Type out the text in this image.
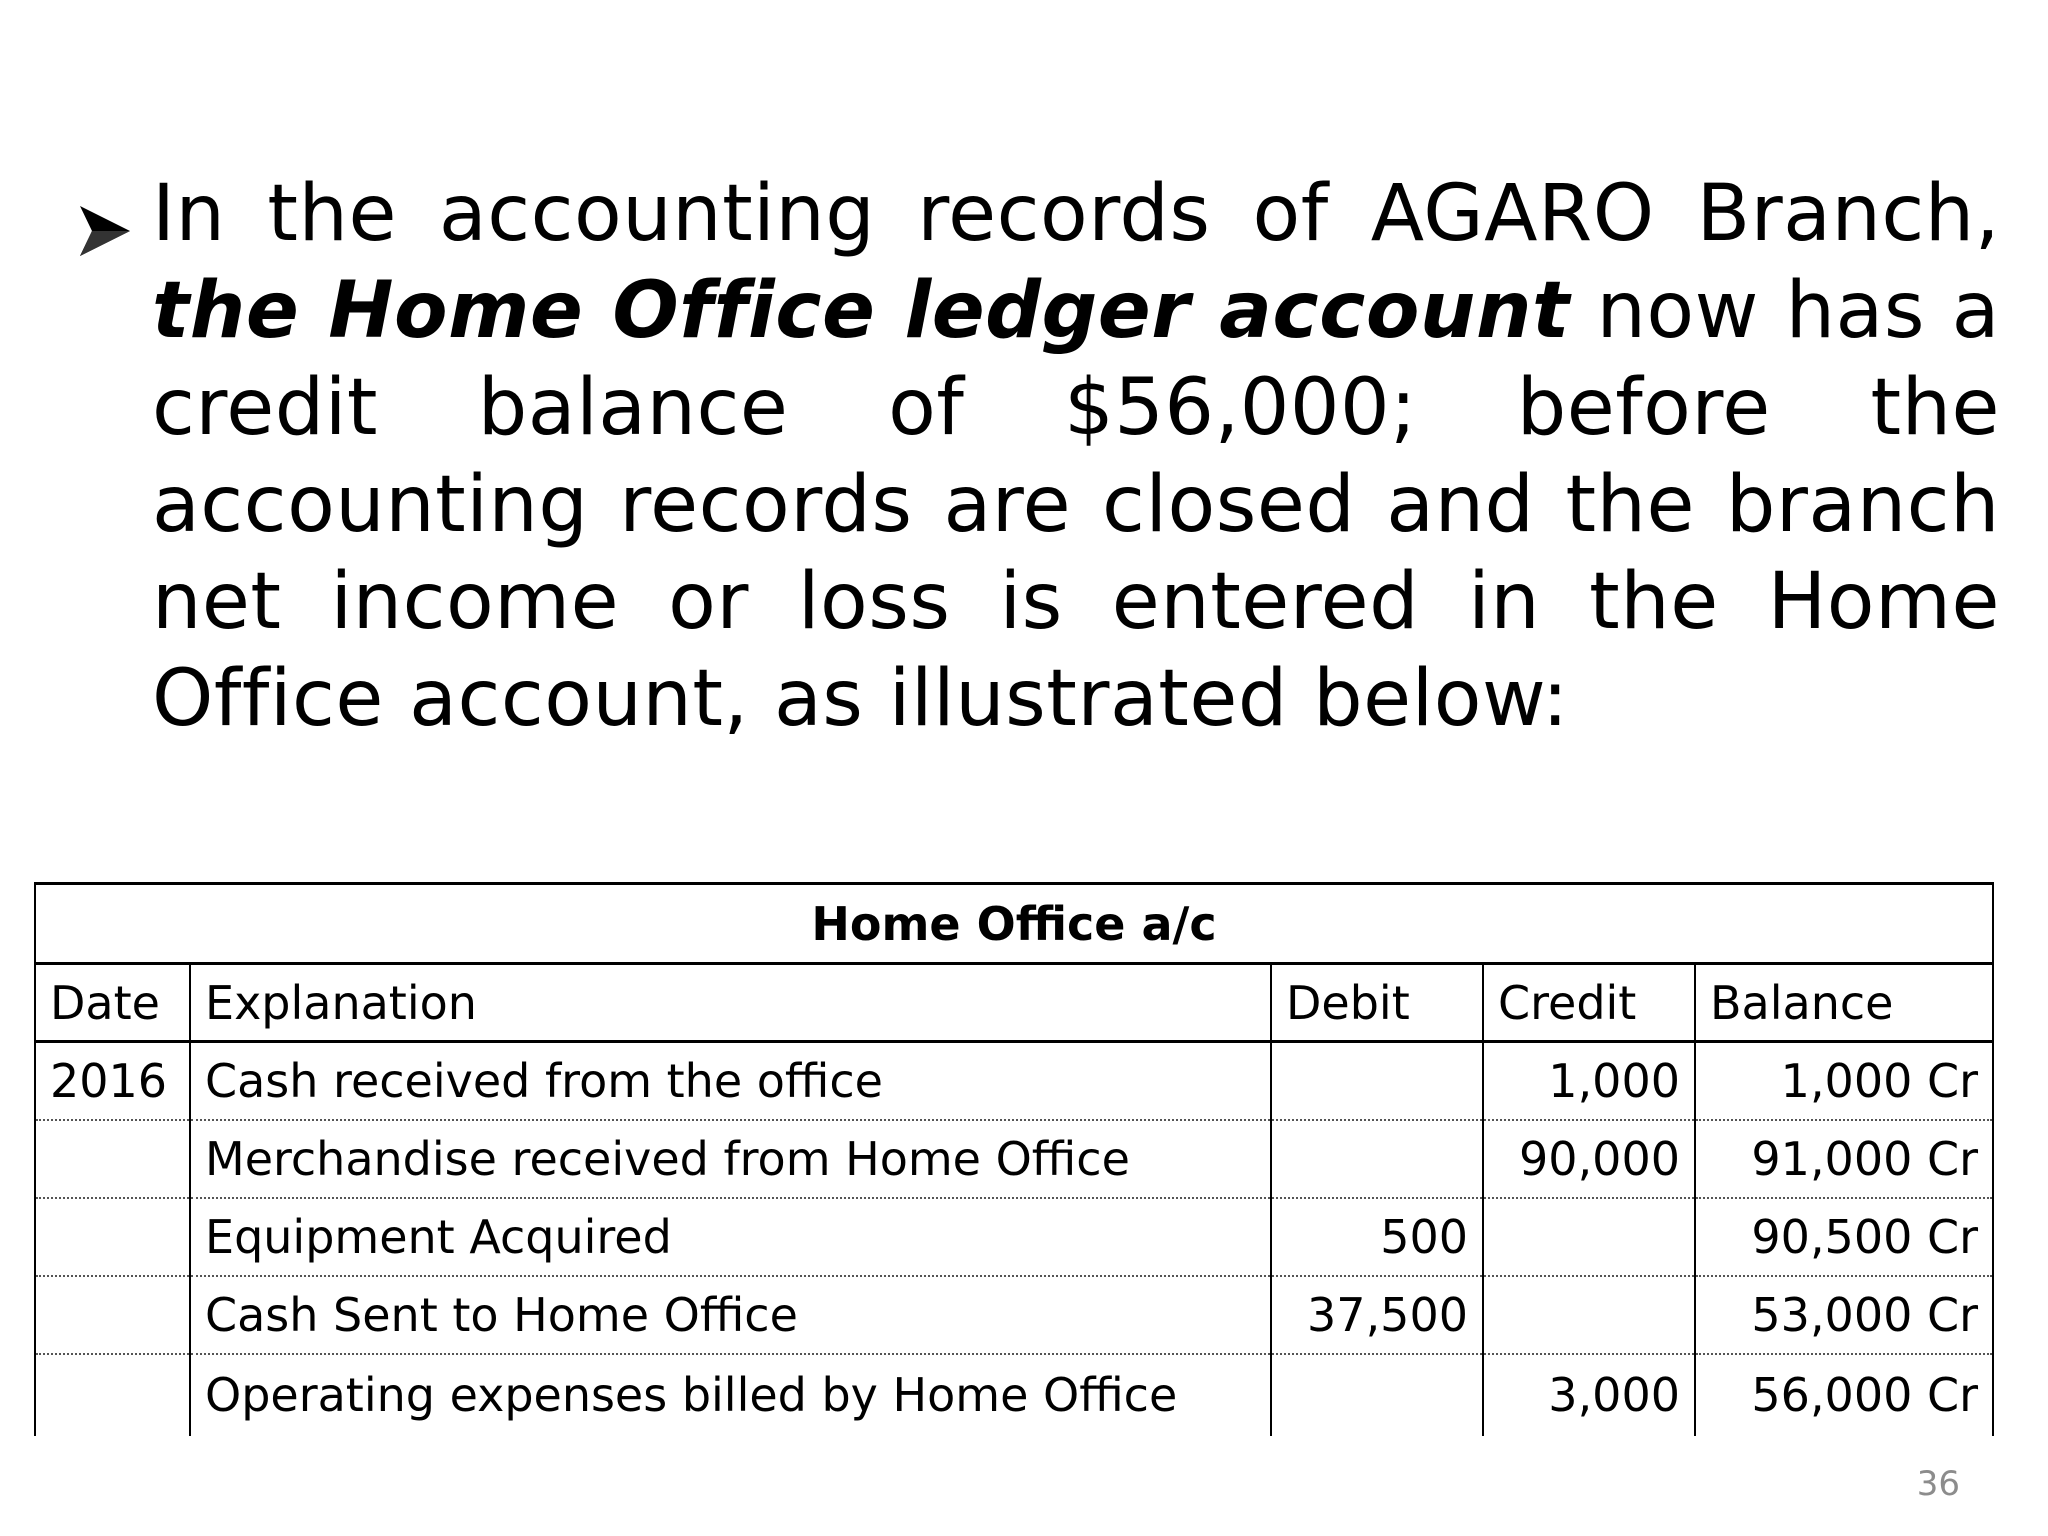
In the accounting records of AGARO Branch, the Home Office ledger account now has a credit balance of $56,000; before the accounting records are closed and the branch net income or loss is entered in the Home Office account, as illustrated below:
Home Office a/c				
Date	Explanation	Debit	Credit	Balance
2016	Cash received from the office		1,000	1,000 Cr
	Merchandise received from Home Office		90,000	91,000 Cr
	Equipment Acquired	500		90,500 Cr
	Cash Sent to Home Office	37,500		53,000 Cr
	Operating expenses billed by Home Office		3,000	56,000 Cr
36
